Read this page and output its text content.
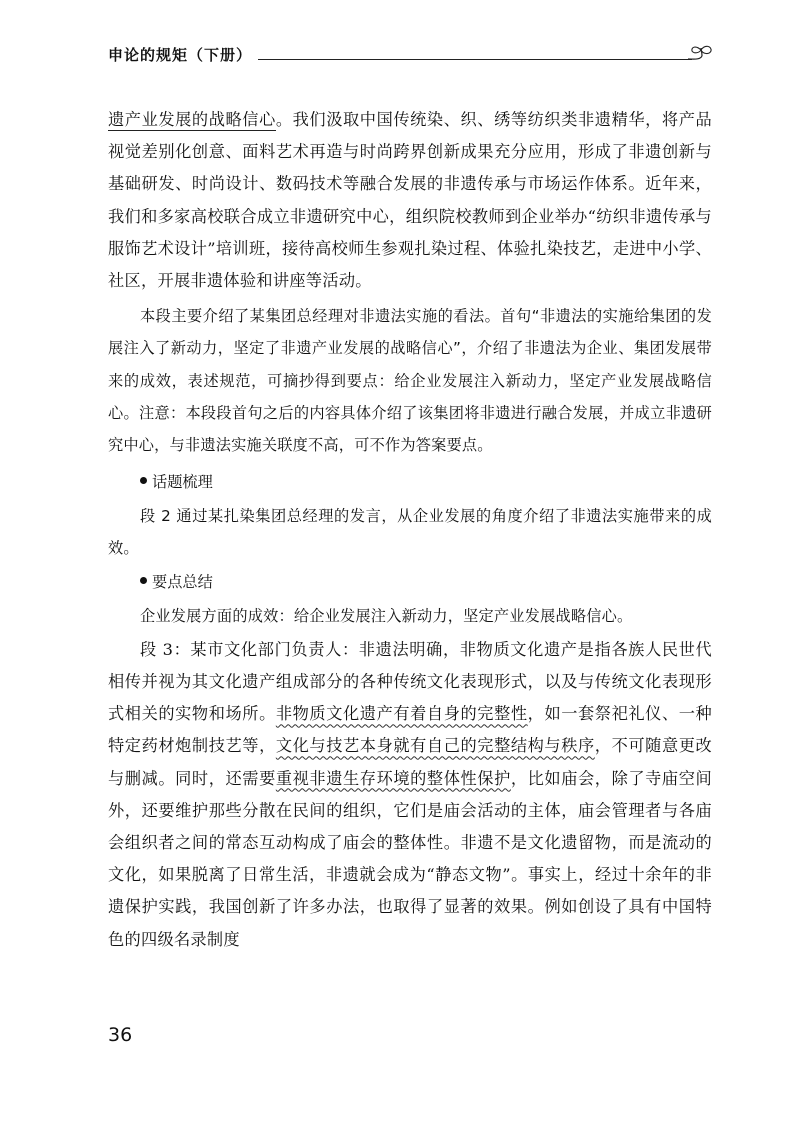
申论的规矩（下册）

遗产业发展的战略信心。我们汲取中国传统染、织、绣等纺织类非遗精华，将产品视觉差别化创意、面料艺术再造与时尚跨界创新成果充分应用，形成了非遗创新与基础研发、时尚设计、数码技术等融合发展的非遗传承与市场运作体系。近年来，我们和多家高校联合成立非遗研究中心，组织院校教师到企业举办“纺织非遗传承与服饰艺术设计”培训班，接待高校师生参观扎染过程、体验扎染技艺，走进中小学、社区，开展非遗体验和讲座等活动。

本段主要介绍了某集团总经理对非遗法实施的看法。首句“非遗法的实施给集团的发展注入了新动力，坚定了非遗产业发展的战略信心”，介绍了非遗法为企业、集团发展带来的成效，表述规范，可摘抄得到要点：给企业发展注入新动力，坚定产业发展战略信心。注意：本段段首句之后的内容具体介绍了该集团将非遗进行融合发展，并成立非遗研究中心，与非遗法实施关联度不高，可不作为答案要点。

话题梳理

段 2 通过某扎染集团总经理的发言，从企业发展的角度介绍了非遗法实施带来的成效。

要点总结

企业发展方面的成效：给企业发展注入新动力，坚定产业发展战略信心。

段 3：某市文化部门负责人：非遗法明确，非物质文化遗产是指各族人民世代相传并视为其文化遗产组成部分的各种传统文化表现形式，以及与传统文化表现形式相关的实物和场所。非物质文化遗产有着自身的完整性，如一套祭祀礼仪、一种特定药材炮制技艺等，文化与技艺本身就有自己的完整结构与秩序，不可随意更改与删减。同时，还需要重视非遗生存环境的整体性保护，比如庙会，除了寺庙空间外，还要维护那些分散在民间的组织，它们是庙会活动的主体，庙会管理者与各庙会组织者之间的常态互动构成了庙会的整体性。非遗不是文化遗留物，而是流动的文化，如果脱离了日常生活，非遗就会成为“静态文物”。事实上，经过十余年的非遗保护实践，我国创新了许多办法，也取得了显著的效果。例如创设了具有中国特色的四级名录制度

36
